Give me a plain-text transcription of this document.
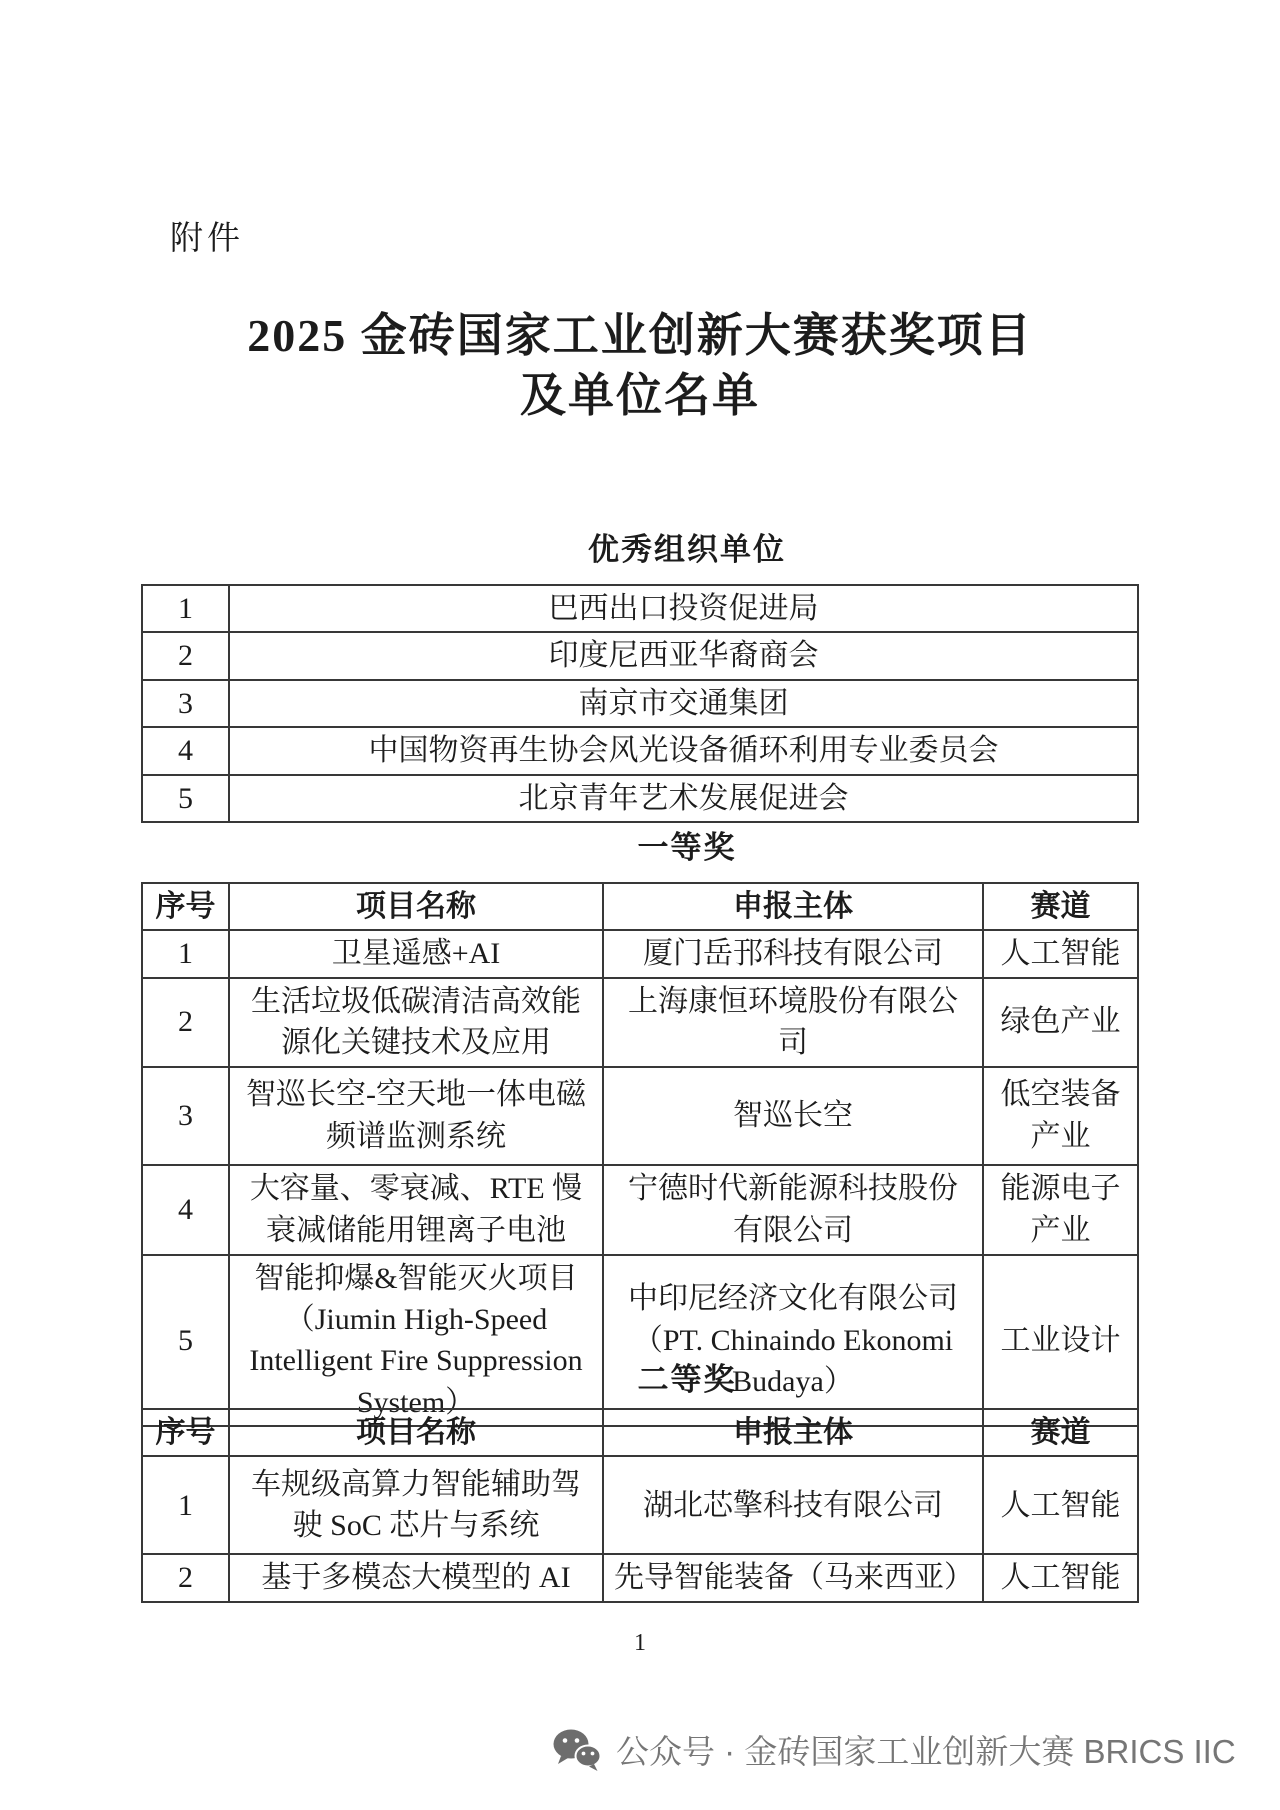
附件
2025 金砖国家工业创新大赛获奖项目
及单位名单
优秀组织单位
1	巴西出口投资促进局
2	印度尼西亚华裔商会
3	南京市交通集团
4	中国物资再生协会风光设备循环利用专业委员会
5	北京青年艺术发展促进会
一等奖
序号	项目名称	申报主体	赛道
1	卫星遥感+AI	厦门岳邘科技有限公司	人工智能
2	生活垃圾低碳清洁高效能源化关键技术及应用	上海康恒环境股份有限公司	绿色产业
3	智巡长空-空天地一体电磁频谱监测系统	智巡长空	低空装备产业
4	大容量、零衰减、RTE 慢衰减储能用锂离子电池	宁德时代新能源科技股份有限公司	能源电子产业
5	智能抑爆&智能灭火项目（Jiumin High-Speed Intelligent Fire Suppression System）	中印尼经济文化有限公司（PT. Chinaindo Ekonomi Budaya）	工业设计
二等奖
序号	项目名称	申报主体	赛道
1	车规级高算力智能辅助驾驶 SoC 芯片与系统	湖北芯擎科技有限公司	人工智能
2	基于多模态大模型的 AI	先导智能装备（马来西亚）	人工智能
1
公众号 · 金砖国家工业创新大赛 BRICS IIC
